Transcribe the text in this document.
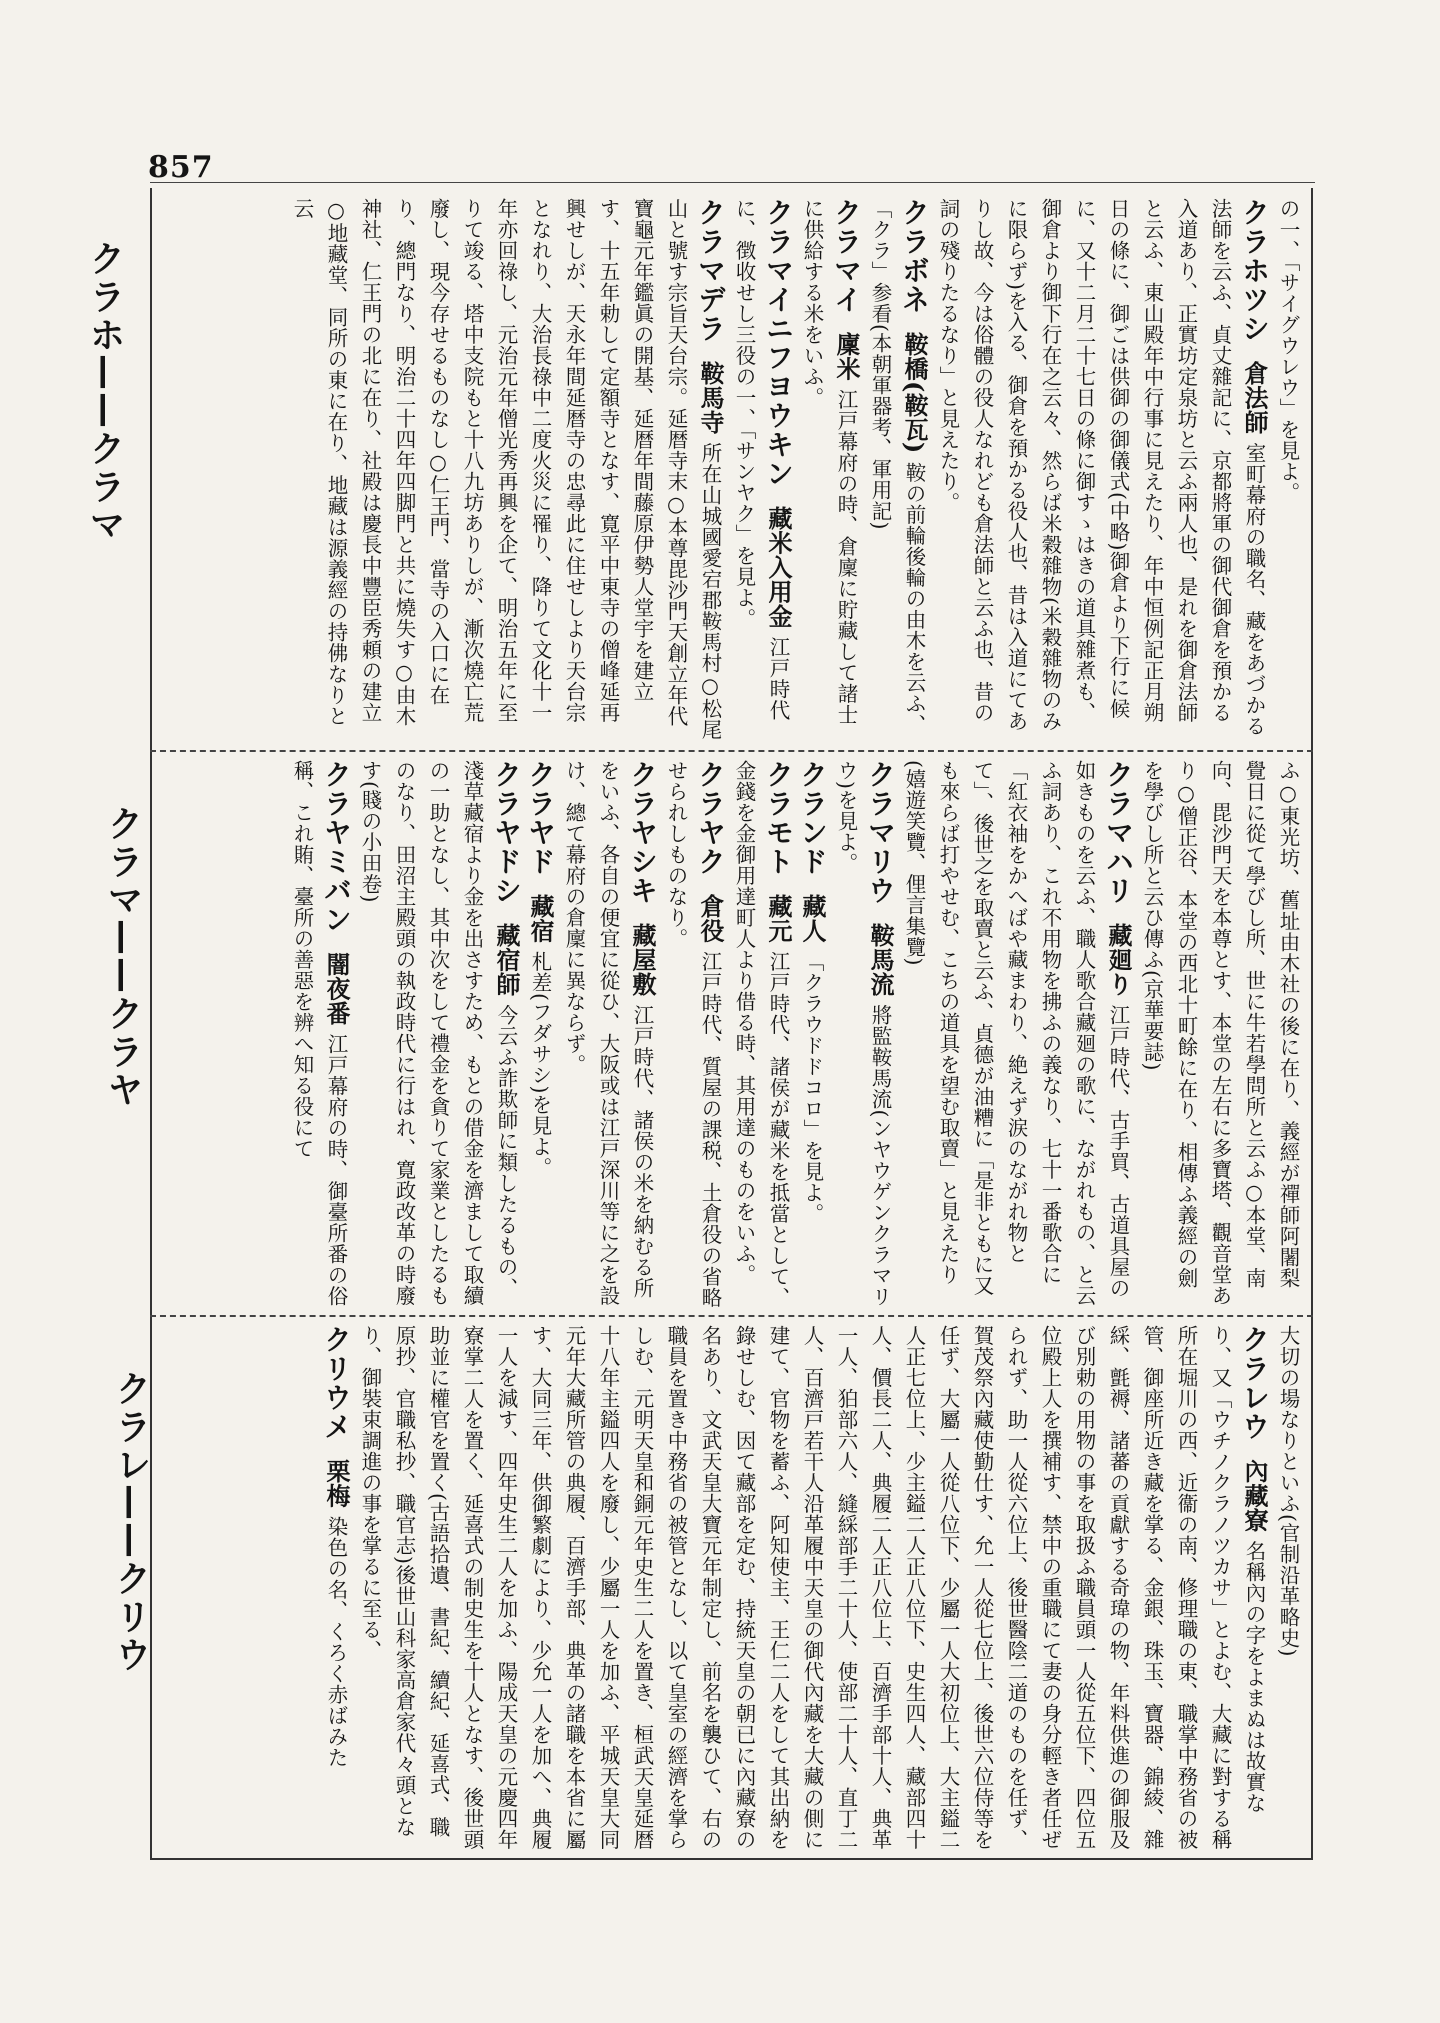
857
クラホ——クラマ
クラマ——クラヤ
クラレ——クリウ

の一、「サイグウレウ」を見よ。

クラホツシ倉法師室町幕府の職名、藏をあづかる法師を云ふ、貞丈雜記に、京都將軍の御代御倉を預かる入道あり、正實坊定泉坊と云ふ兩人也、是れを御倉法師と云ふ、東山殿年中行事に見えたり、年中恒例記正月朔日の條に、御ごは供御の御儀式(中略)御倉より下行に候に、又十二月二十七日の條に御すゝはきの道具雜煮も、御倉より御下行在之云々、然らば米穀雜物(米穀雜物のみに限らず)を入る、御倉を預かる役人也、昔は入道にてありし故、今は俗體の役人なれども倉法師と云ふ也、昔の詞の殘りたるなり」と見えたり。

クラボネ鞍橋(鞍瓦)鞍の前輪後輪の由木を云ふ、「クラ」参看(本朝軍器考、軍用記)

クラマイ廩米江戸幕府の時、倉廩に貯藏して諸士に供給する米をいふ。

クラマイニフヨウキン藏米入用金江戸時代に、徴收せし三役の一、「サンヤク」を見よ。

クラマデラ鞍馬寺所在山城國愛宕郡鞍馬村○松尾山と號す宗旨天台宗。延暦寺末○本尊毘沙門天創立年代寶龜元年鑑眞の開基、延暦年間藤原伊勢人堂宇を建立す、十五年勅して定額寺となす、寛平中東寺の僧峰延再興せしが、天永年間延暦寺の忠尋此に住せしより天台宗となれり、大治長祿中二度火災に罹り、降りて文化十一年亦回祿し、元治元年僧光秀再興を企て、明治五年に至りて竣る、塔中支院もと十八九坊ありしが、漸次燒亡荒廢し、現今存せるものなし○仁王門、當寺の入口に在り、總門なり、明治二十四年四脚門と共に燒失す○由木神社、仁王門の北に在り、社殿は慶長中豐臣秀頼の建立○地藏堂、同所の東に在り、地藏は源義經の持佛なりと云

ふ○東光坊、舊址由木社の後に在り、義經が禪師阿闍梨覺日に從て學びし所、世に牛若學問所と云ふ○本堂、南向、毘沙門天を本尊とす、本堂の左右に多寶塔、觀音堂あり○僧正谷、本堂の西北十町餘に在り、相傳ふ義經の劍を學びし所と云ひ傳ふ(京華要誌)

クラマハリ藏廻り江戸時代、古手買、古道具屋の如きものを云ふ、職人歌合藏廻の歌に、ながれもの、と云ふ詞あり、これ不用物を拂ふの義なり、七十一番歌合に「紅衣袖をかへばや藏まわり、絶えず涙のながれ物とて」、後世之を取賣と云ふ、貞德が油糟に「是非ともに又も來らば打やせむ、こちの道具を望む取賣」と見えたり(嬉遊笑覽、俚言集覽)

クラマリウ鞍馬流將監鞍馬流(ンヤウゲンクラマリウ)を見よ。

クランド藏人「クラウドドコロ」を見よ。

クラモト藏元江戸時代、諸侯が藏米を抵當として、金錢を金御用達町人より借る時、其用達のものをいふ。

クラヤク倉役江戸時代、質屋の課税、土倉役の省略せられしものなり。

クラヤシキ藏屋敷江戸時代、諸侯の米を納むる所をいふ、各自の便宜に從ひ、大阪或は江戸深川等に之を設け、總て幕府の倉廩に異ならず。

クラヤド藏宿札差(フダサシ)を見よ。

クラヤドシ藏宿師今云ふ詐欺師に類したるもの、淺草藏宿より金を出さすため、もとの借金を濟まして取續の一助となし、其中次をして禮金を貪りて家業としたるものなり、田沼主殿頭の執政時代に行はれ、寛政改革の時廢す(賤の小田卷)

クラヤミバン闇夜番江戸幕府の時、御臺所番の俗稱、これ賄、臺所の善惡を辨へ知る役にて

大切の場なりといふ(官制沿革略史)

クラレウ內藏寮名稱內の字をよまぬは故實なり、又「ウチノクラノツカサ」とよむ、大藏に對する稱所在堀川の西、近衞の南、修理職の東、職掌中務省の被管、御座所近き藏を掌る、金銀、珠玉、寶器、錦綾、雜綵、氈褥、諸蕃の貢獻する奇瑋の物、年料供進の御服及び別勅の用物の事を取扱ふ職員頭一人從五位下、四位五位殿上人を撰補す、禁中の重職にて妻の身分輕き者任ぜられず、助一人從六位上、後世醫陰二道のものを任ず、賀茂祭內藏使勤仕す、允一人從七位上、後世六位侍等を任ず、大屬一人從八位下、少屬一人大初位上、大主鎰二人正七位上、少主鎰二人正八位下、史生四人、藏部四十人、價長二人、典履二人正八位上、百濟手部十人、典革一人、狛部六人、縫綵部手二十人、使部二十人、直丁二人、百濟戸若干人沿革履中天皇の御代內藏を大藏の側に建て、官物を蓄ふ、阿知使主、王仁二人をして其出納を錄せしむ、因て藏部を定む、持統天皇の朝已に內藏寮の名あり、文武天皇大寶元年制定し、前名を襲ひて、右の職員を置き中務省の被管となし、以て皇室の經濟を掌らしむ、元明天皇和銅元年史生二人を置き、桓武天皇延暦十八年主鎰四人を廢し、少屬一人を加ふ、平城天皇大同元年大藏所管の典履、百濟手部、典革の諸職を本省に屬す、大同三年、供御繁劇により、少允一人を加へ、典履一人を減す、四年史生二人を加ふ、陽成天皇の元慶四年寮掌二人を置く、延喜式の制史生を十人となす、後世頭助並に權官を置く(古語拾遺、書紀、續紀、延喜式、職原抄、官職私抄、職官志)後世山科家高倉家代々頭となり、御裝束調進の事を掌るに至る、

クリウメ栗梅染色の名、くろく赤ばみた
